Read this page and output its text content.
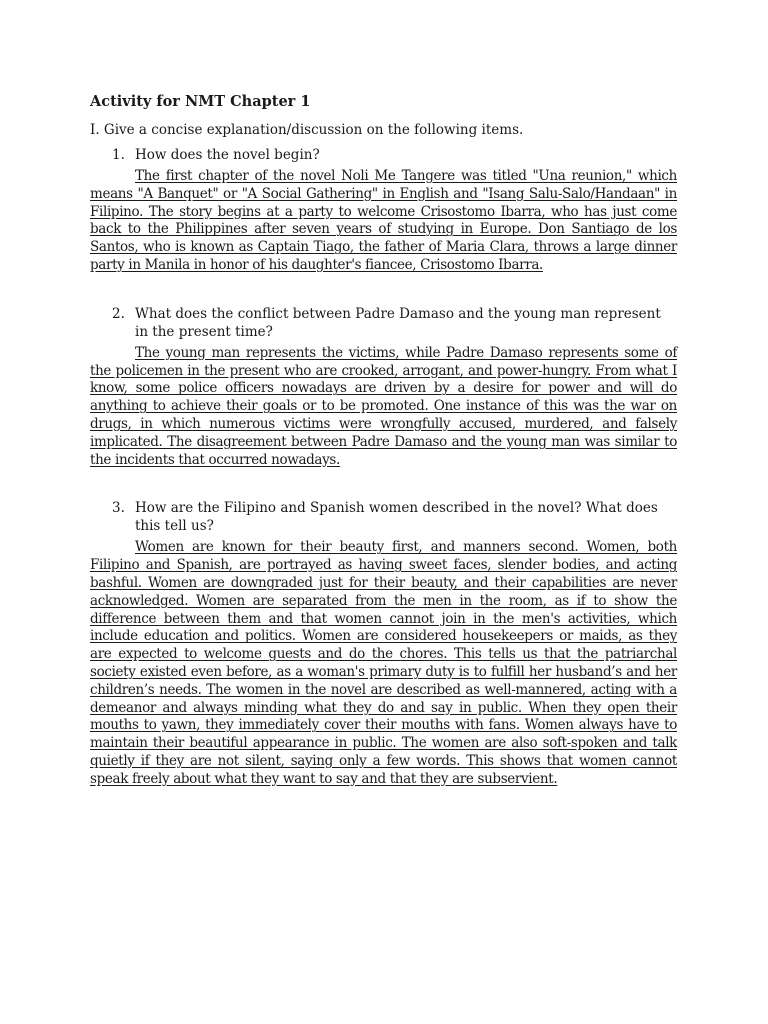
Activity for NMT Chapter 1
I. Give a concise explanation/discussion on the following items.
1. How does the novel begin?
The first chapter of the novel Noli Me Tangere was titled "Una reunion," which means "A Banquet" or "A Social Gathering" in English and "Isang Salu-Salo/Handaan" in Filipino. The story begins at a party to welcome Crisostomo Ibarra, who has just come back to the Philippines after seven years of studying in Europe. Don Santiago de los Santos, who is known as Captain Tiago, the father of Maria Clara, throws a large dinner party in Manila in honor of his daughter's fiancee, Crisostomo Ibarra.
2. What does the conflict between Padre Damaso and the young man represent in the present time?
The young man represents the victims, while Padre Damaso represents some of the policemen in the present who are crooked, arrogant, and power-hungry. From what I know, some police officers nowadays are driven by a desire for power and will do anything to achieve their goals or to be promoted. One instance of this was the war on drugs, in which numerous victims were wrongfully accused, murdered, and falsely implicated. The disagreement between Padre Damaso and the young man was similar to the incidents that occurred nowadays.
3. How are the Filipino and Spanish women described in the novel? What does this tell us?
Women are known for their beauty first, and manners second. Women, both Filipino and Spanish, are portrayed as having sweet faces, slender bodies, and acting bashful. Women are downgraded just for their beauty, and their capabilities are never acknowledged. Women are separated from the men in the room, as if to show the difference between them and that women cannot join in the men's activities, which include education and politics. Women are considered housekeepers or maids, as they are expected to welcome guests and do the chores. This tells us that the patriarchal society existed even before, as a woman's primary duty is to fulfill her husband’s and her children’s needs. The women in the novel are described as well-mannered, acting with a demeanor and always minding what they do and say in public. When they open their mouths to yawn, they immediately cover their mouths with fans. Women always have to maintain their beautiful appearance in public. The women are also soft-spoken and talk quietly if they are not silent, saying only a few words. This shows that women cannot speak freely about what they want to say and that they are subservient.
